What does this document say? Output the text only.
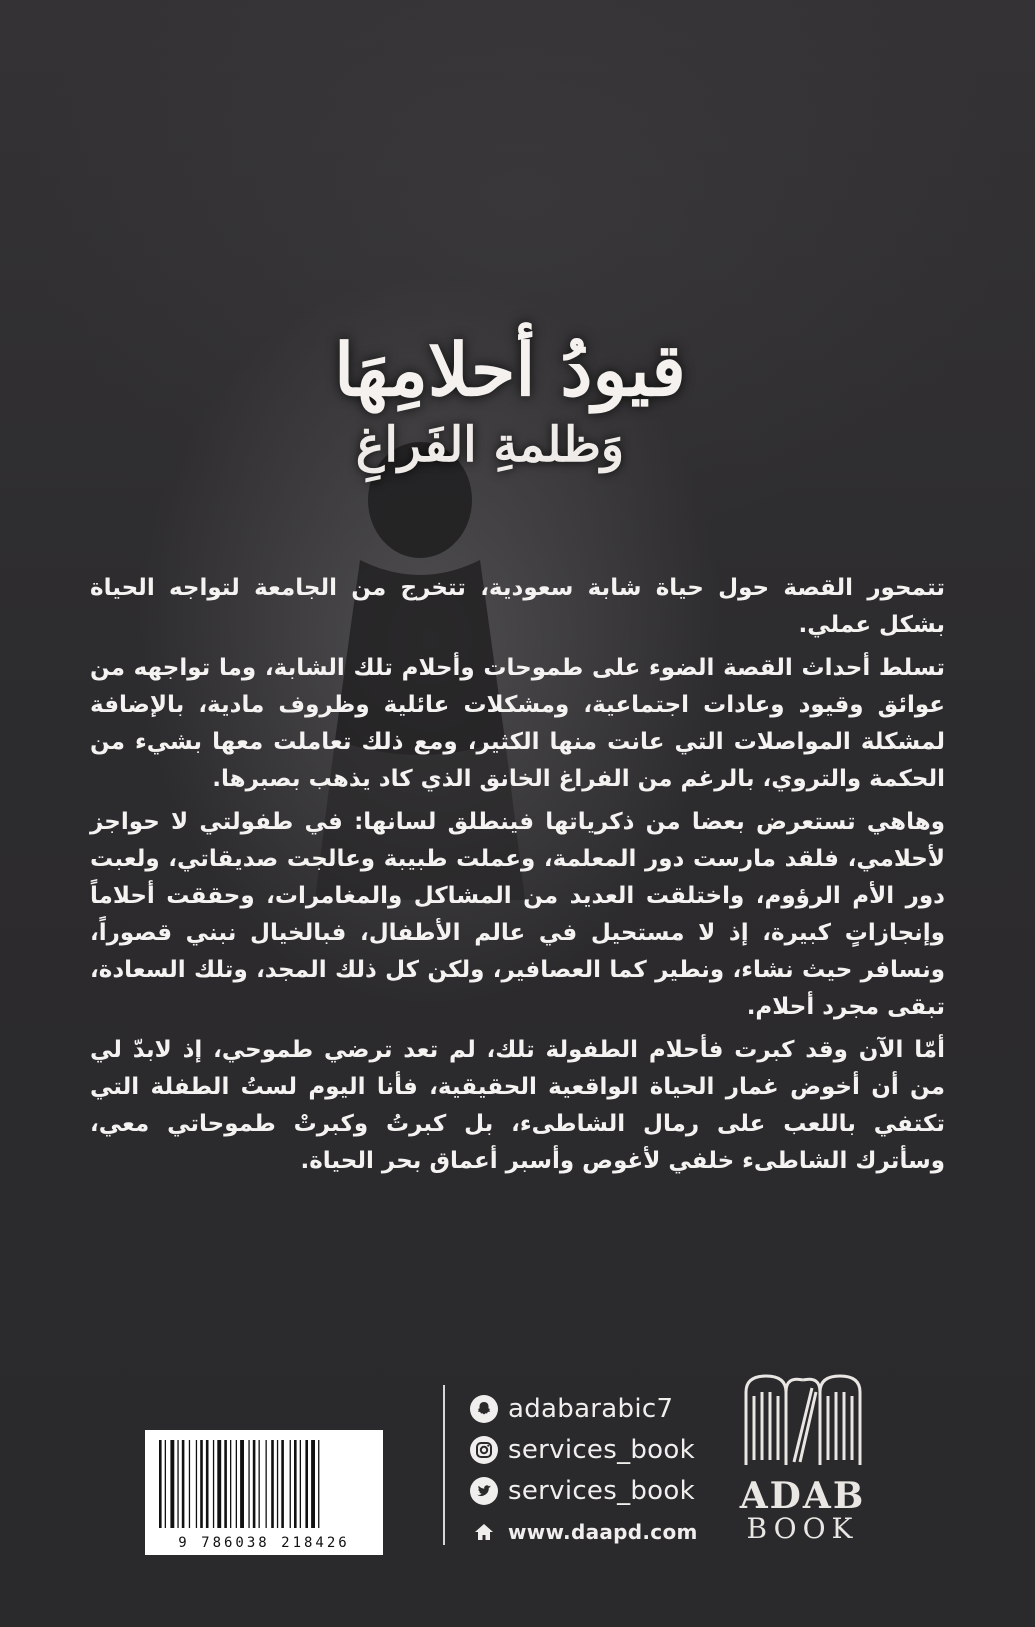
قيودُ أحلامِهَا
وَظلمةِ الفَراغِ

تتمحور القصة حول حياة شابة سعودية، تتخرج من الجامعة لتواجه الحياة بشكل عملي.

تسلط أحداث القصة الضوء على طموحات وأحلام تلك الشابة، وما تواجهه من عوائق وقيود وعادات اجتماعية، ومشكلات عائلية وظروف مادية، بالإضافة لمشكلة المواصلات التي عانت منها الكثير، ومع ذلك تعاملت معها بشيء من الحكمة والتروي، بالرغم من الفراغ الخانق الذي كاد يذهب بصبرها.

وهاهي تستعرض بعضا من ذكرياتها فينطلق لسانها: في طفولتي لا حواجز لأحلامي، فلقد مارست دور المعلمة، وعملت طبيبة وعالجت صديقاتي، ولعبت دور الأم الرؤوم، واختلقت العديد من المشاكل والمغامرات، وحققت أحلاماً وإنجازاتٍ كبيرة، إذ لا مستحيل في عالم الأطفال، فبالخيال نبني قصوراً، ونسافر حيث نشاء، ونطير كما العصافير، ولكن كل ذلك المجد، وتلك السعادة، تبقى مجرد أحلام.

أمّا الآن وقد كبرت فأحلام الطفولة تلك، لم تعد ترضي طموحي، إذ لابدّ لي من أن أخوض غمار الحياة الواقعية الحقيقية، فأنا اليوم لستُ الطفلة التي تكتفي باللعب على رمال الشاطىء، بل كبرتُ وكبرتْ طموحاتي معي، وسأترك الشاطىء خلفي لأغوص وأسبر أعماق بحر الحياة.

9 786038 218426
adabarabic7
services_book
services_book
www.daapd.com
ADAB
BOOK
